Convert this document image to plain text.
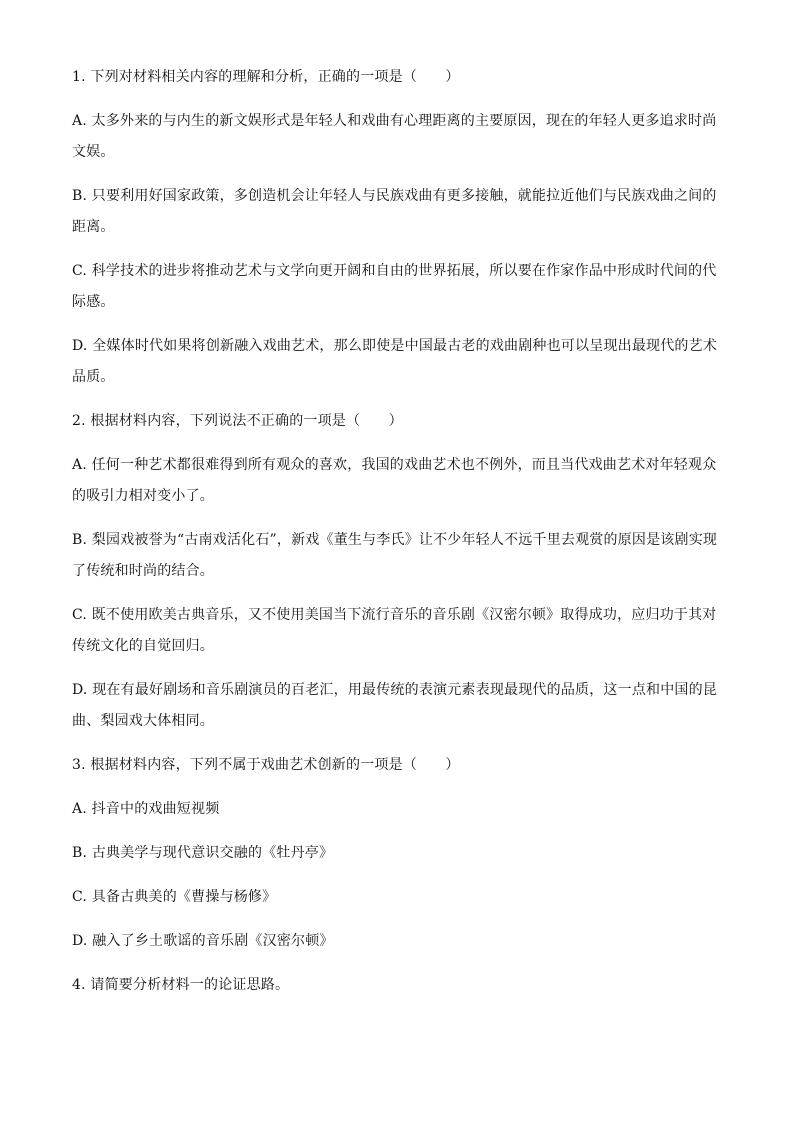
1. 下列对材料相关内容的理解和分析，正确的一项是（　　）
A. 太多外来的与内生的新文娱形式是年轻人和戏曲有心理距离的主要原因，现在的年轻人更多追求时尚
文娱。
B. 只要利用好国家政策，多创造机会让年轻人与民族戏曲有更多接触，就能拉近他们与民族戏曲之间的
距离。
C. 科学技术的进步将推动艺术与文学向更开阔和自由的世界拓展，所以要在作家作品中形成时代间的代
际感。
D. 全媒体时代如果将创新融入戏曲艺术，那么即使是中国最古老的戏曲剧种也可以呈现出最现代的艺术
品质。
2. 根据材料内容，下列说法不正确的一项是（　　）
A. 任何一种艺术都很难得到所有观众的喜欢，我国的戏曲艺术也不例外，而且当代戏曲艺术对年轻观众
的吸引力相对变小了。
B. 梨园戏被誉为“古南戏活化石”，新戏《董生与李氏》让不少年轻人不远千里去观赏的原因是该剧实现
了传统和时尚的结合。
C. 既不使用欧美古典音乐，又不使用美国当下流行音乐的音乐剧《汉密尔顿》取得成功，应归功于其对
传统文化的自觉回归。
D. 现在有最好剧场和音乐剧演员的百老汇，用最传统的表演元素表现最现代的品质，这一点和中国的昆
曲、梨园戏大体相同。
3. 根据材料内容，下列不属于戏曲艺术创新的一项是（　　）
A. 抖音中的戏曲短视频
B. 古典美学与现代意识交融的《牡丹亭》
C. 具备古典美的《曹操与杨修》
D. 融入了乡土歌谣的音乐剧《汉密尔顿》
4. 请简要分析材料一的论证思路。
